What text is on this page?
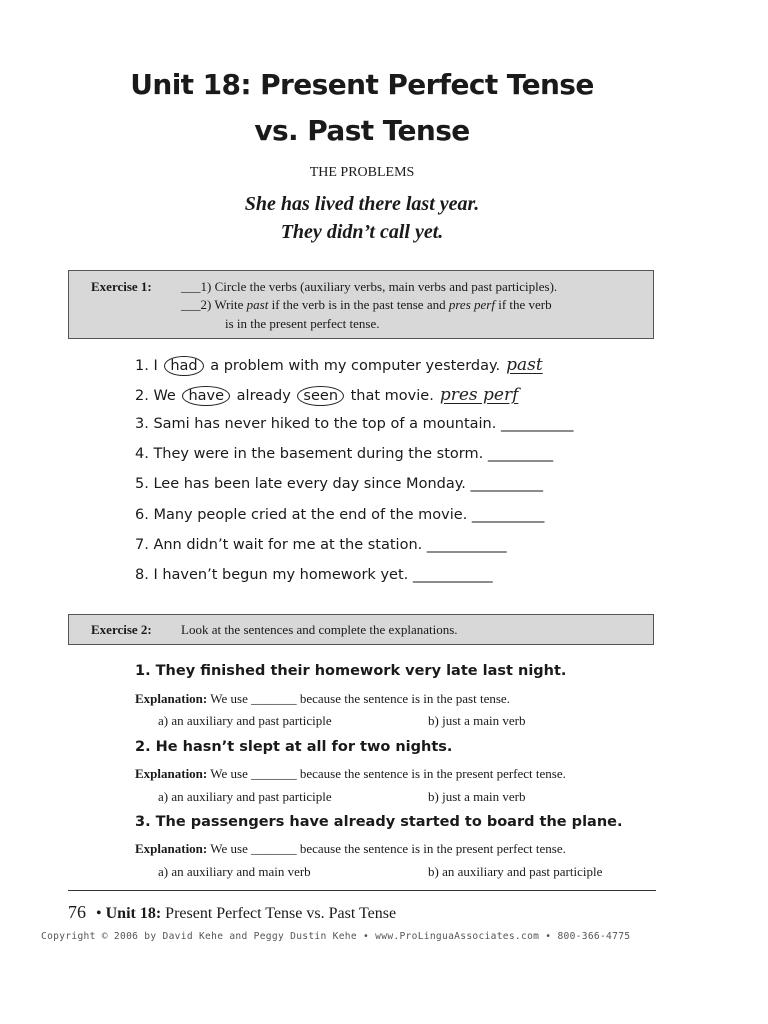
Unit 18: Present Perfect Tense
vs. Past Tense
THE PROBLEMS
She has lived there last year.
They didn’t call yet.
Exercise 1: ___1) Circle the verbs (auxiliary verbs, main verbs and past participles).
___2) Write past if the verb is in the past tense and pres perf if the verb
is in the present perfect tense.
1. I had a problem with my computer yesterday. past
2. We have already seen that movie. pres perf
3. Sami has never hiked to the top of a mountain. __________
4. They were in the basement during the storm. _________
5. Lee has been late every day since Monday. __________
6. Many people cried at the end of the movie. __________
7. Ann didn’t wait for me at the station. ___________
8. I haven’t begun my homework yet. ___________
Exercise 2: Look at the sentences and complete the explanations.
1. They finished their homework very late last night.
Explanation: We use _______ because the sentence is in the past tense.
a) an auxiliary and past participle	b) just a main verb
2. He hasn’t slept at all for two nights.
Explanation: We use _______ because the sentence is in the present perfect tense.
a) an auxiliary and past participle	b) just a main verb
3. The passengers have already started to board the plane.
Explanation: We use _______ because the sentence is in the present perfect tense.
a) an auxiliary and main verb	b) an auxiliary and past participle
76 • Unit 18: Present Perfect Tense vs. Past Tense
Copyright © 2006 by David Kehe and Peggy Dustin Kehe • www.ProLinguaAssociates.com • 800-366-4775
